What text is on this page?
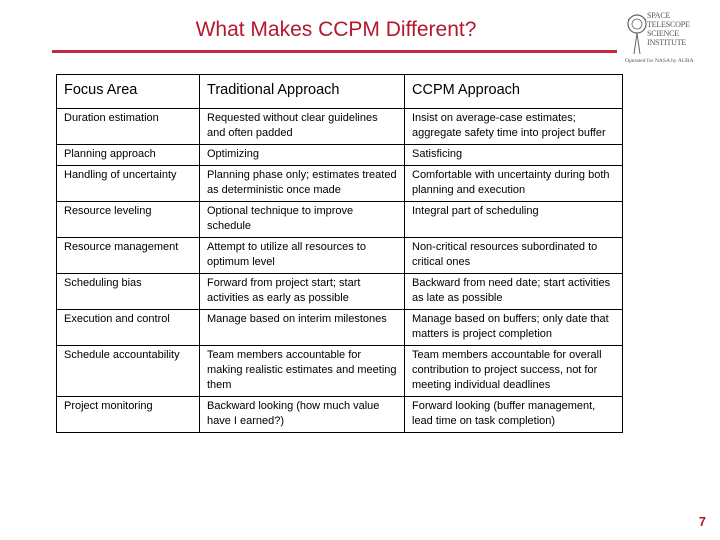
What Makes CCPM Different?
SPACE
TELESCOPE
SCIENCE
INSTITUTE
Operated for NASA by AURA
Focus Area	Traditional Approach	CCPM Approach
Duration estimation	Requested without clear guidelines and often padded	Insist on average-case estimates; aggregate safety time into project buffer
Planning approach	Optimizing	Satisficing
Handling of uncertainty	Planning phase only; estimates treated as deterministic once made	Comfortable with uncertainty during both planning and execution
Resource leveling	Optional technique to improve schedule	Integral part of scheduling
Resource management	Attempt to utilize all resources to optimum level	Non-critical resources subordinated to critical ones
Scheduling bias	Forward from project start; start activities as early as possible	Backward from need date; start activities as late as possible
Execution and control	Manage based on interim milestones	Manage based on buffers; only date that matters is project completion
Schedule accountability	Team members accountable for making realistic estimates and meeting them	Team members accountable for overall contribution to project success, not for meeting individual deadlines
Project monitoring	Backward looking (how much value have I earned?)	Forward looking (buffer management, lead time on task completion)
7
